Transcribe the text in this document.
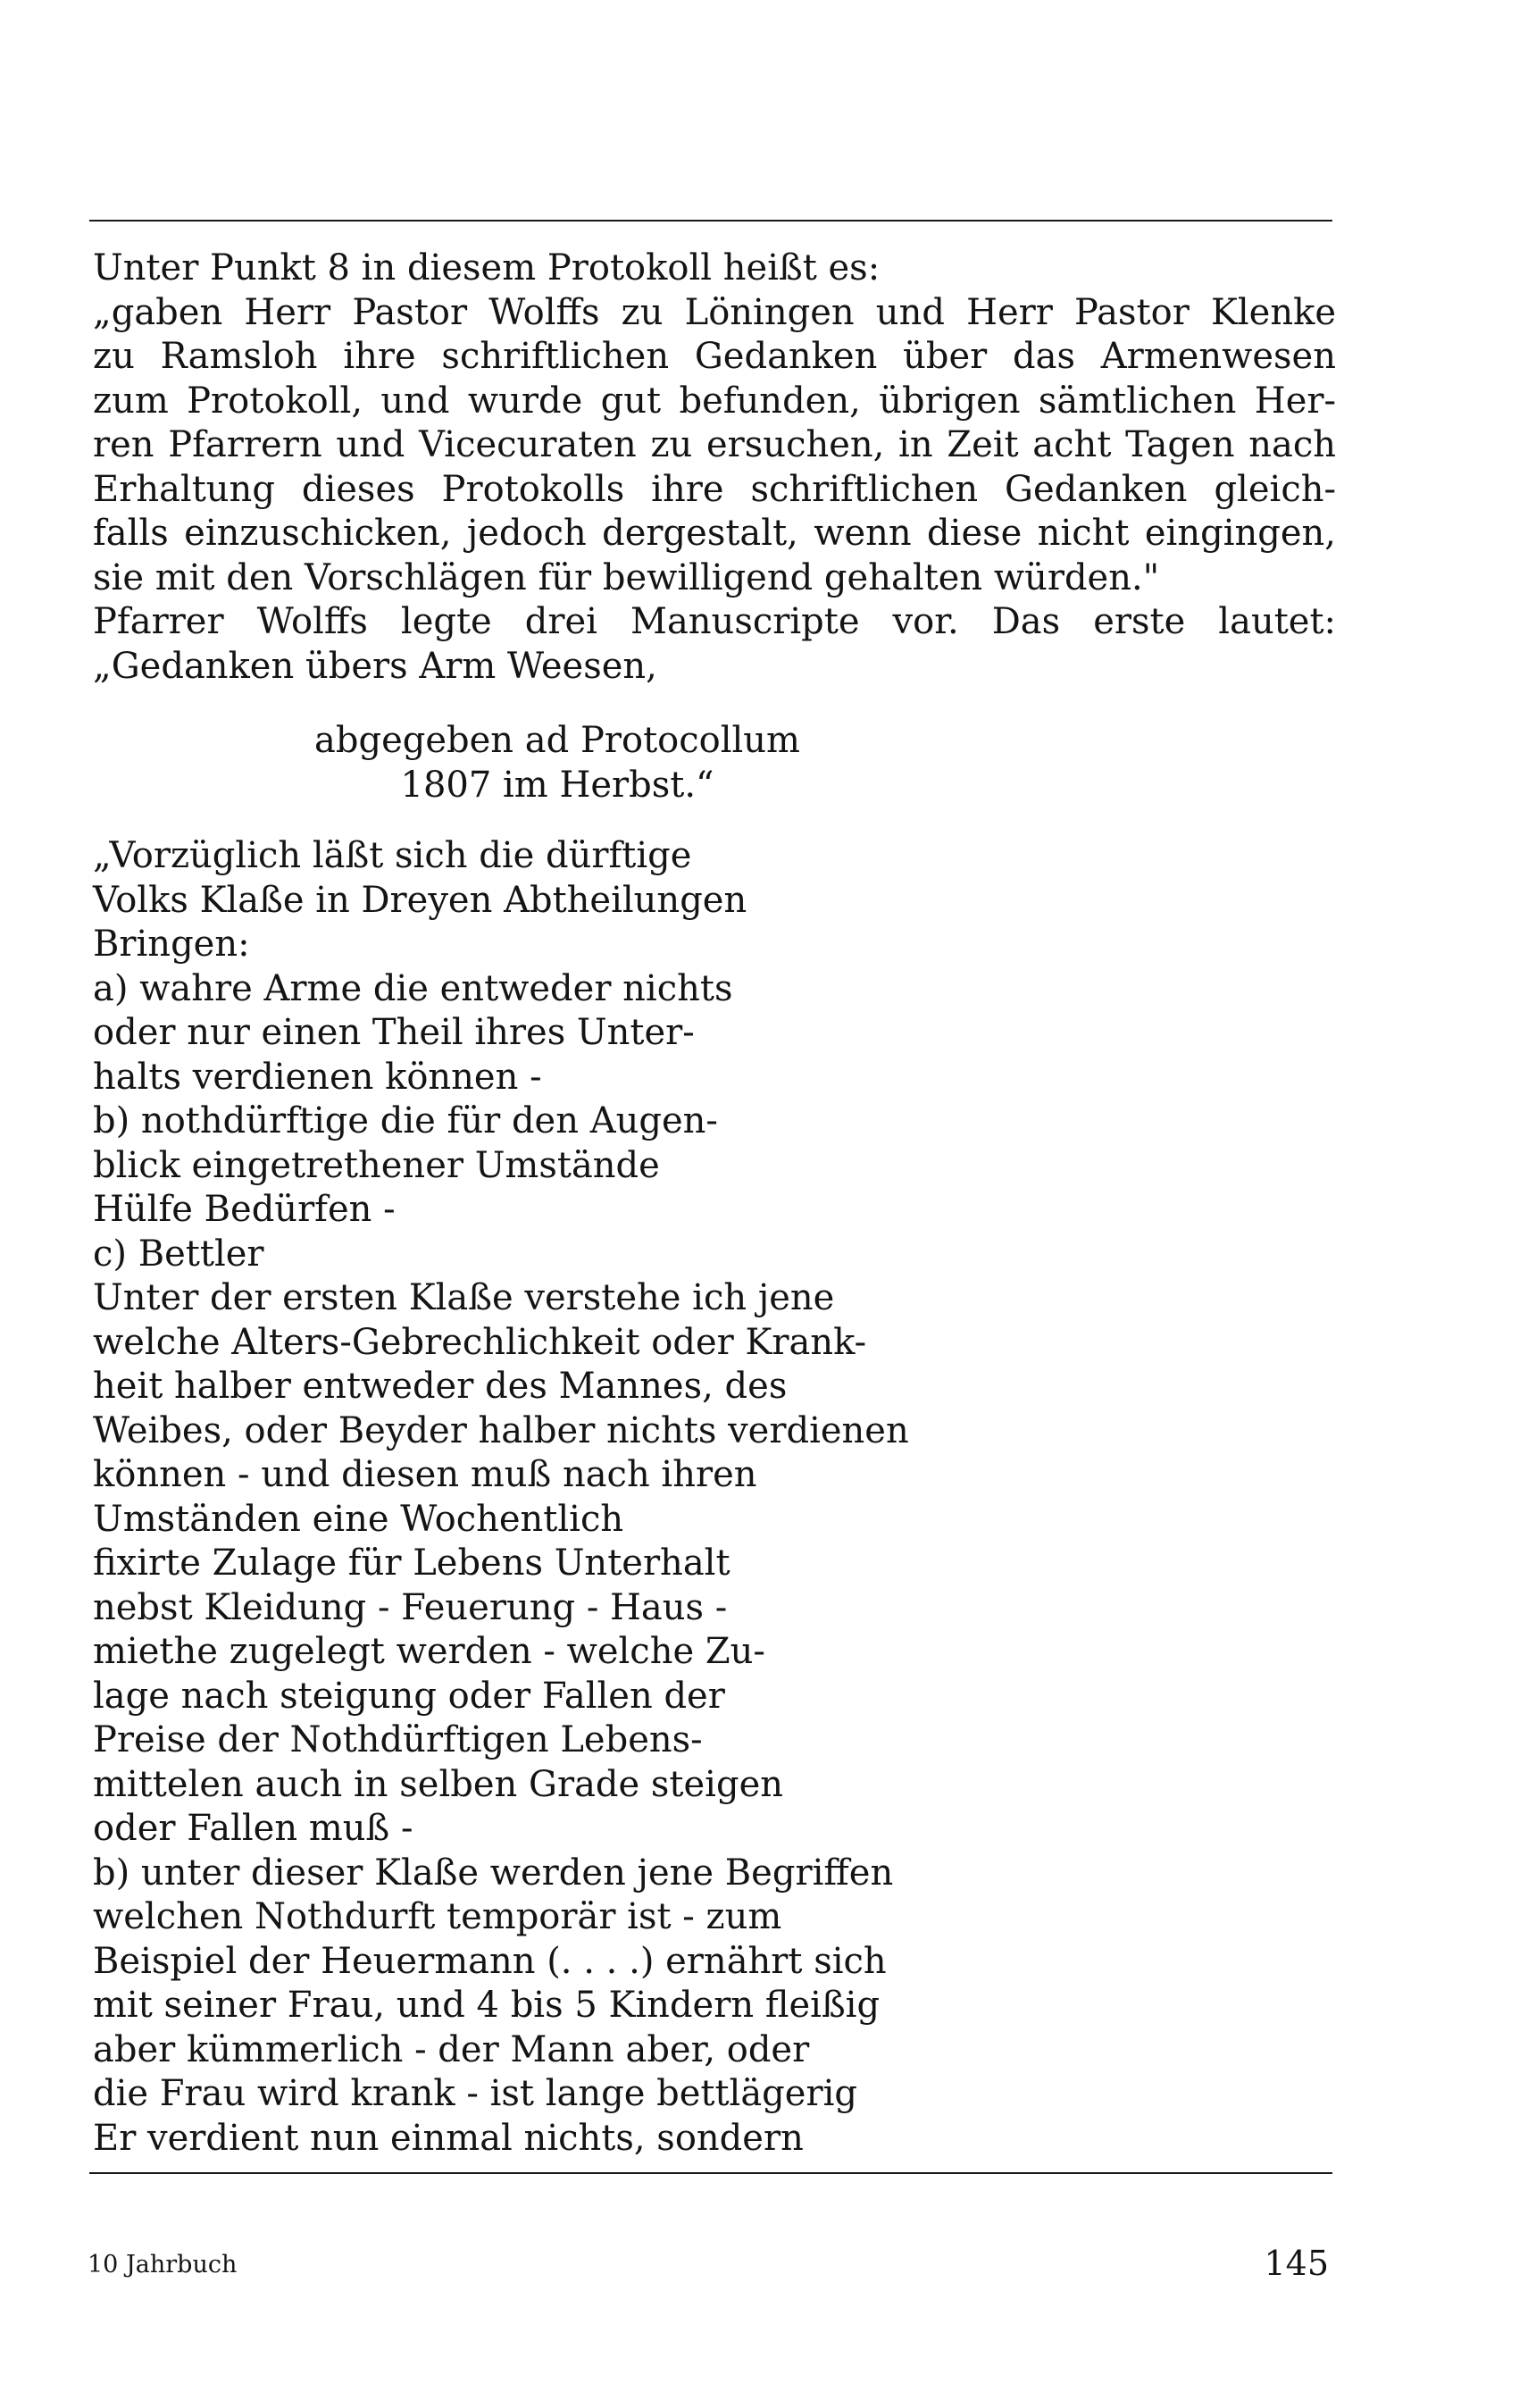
Unter Punkt 8 in diesem Protokoll heißt es:
„gaben Herr Pastor Wolffs zu Löningen und Herr Pastor Klenke
zu Ramsloh ihre schriftlichen Gedanken über das Armenwesen
zum Protokoll, und wurde gut befunden, übrigen sämtlichen Her-
ren Pfarrern und Vicecuraten zu ersuchen, in Zeit acht Tagen nach
Erhaltung dieses Protokolls ihre schriftlichen Gedanken gleich-
falls einzuschicken, jedoch dergestalt, wenn diese nicht eingingen,
sie mit den Vorschlägen für bewilligend gehalten würden."
Pfarrer Wolffs legte drei Manuscripte vor. Das erste lautet:
„Gedanken übers Arm Weesen,
abgegeben ad Protocollum
1807 im Herbst.“
„Vorzüglich läßt sich die dürftige
Volks Klaße in Dreyen Abtheilungen
Bringen:
a) wahre Arme die entweder nichts
oder nur einen Theil ihres Unter-
halts verdienen können -
b) nothdürftige die für den Augen-
blick eingetrethener Umstände
Hülfe Bedürfen -
c) Bettler
Unter der ersten Klaße verstehe ich jene
welche Alters-Gebrechlichkeit oder Krank-
heit halber entweder des Mannes, des
Weibes, oder Beyder halber nichts verdienen
können - und diesen muß nach ihren
Umständen eine Wochentlich
fixirte Zulage für Lebens Unterhalt
nebst Kleidung - Feuerung - Haus -
miethe zugelegt werden - welche Zu-
lage nach steigung oder Fallen der
Preise der Nothdürftigen Lebens-
mittelen auch in selben Grade steigen
oder Fallen muß -
b) unter dieser Klaße werden jene Begriffen
welchen Nothdurft temporär ist - zum
Beispiel der Heuermann (. . . .) ernährt sich
mit seiner Frau, und 4 bis 5 Kindern fleißig
aber kümmerlich - der Mann aber, oder
die Frau wird krank - ist lange bettlägerig
Er verdient nun einmal nichts, sondern
10 Jahrbuch	145
